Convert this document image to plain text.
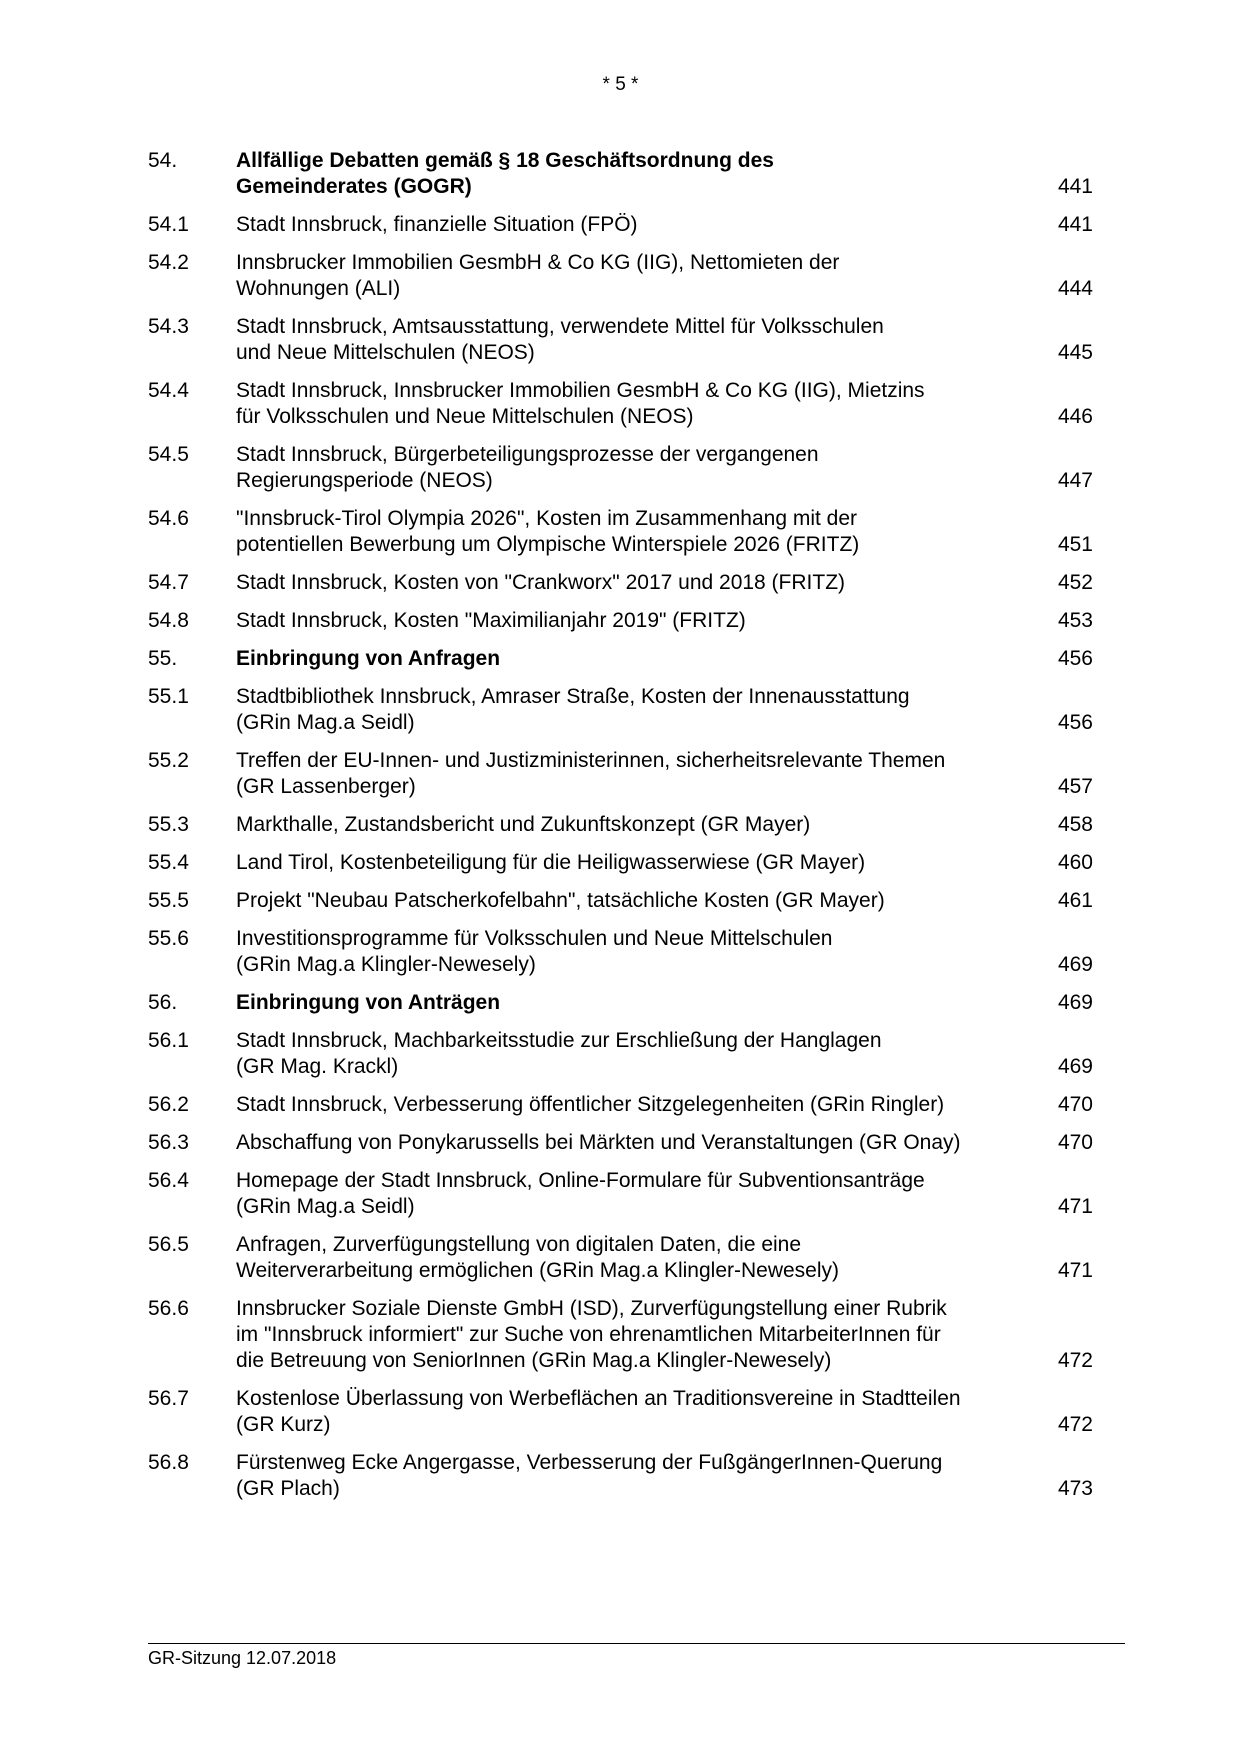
* 5 *
54.	Allfällige Debatten gemäß § 18 Geschäftsordnung des
Gemeinderates (GOGR)	441
54.1	Stadt Innsbruck, finanzielle Situation (FPÖ)	441
54.2	Innsbrucker Immobilien GesmbH & Co KG (IIG), Nettomieten der
Wohnungen (ALI)	444
54.3	Stadt Innsbruck, Amtsausstattung, verwendete Mittel für Volksschulen
und Neue Mittelschulen (NEOS)	445
54.4	Stadt Innsbruck, Innsbrucker Immobilien GesmbH & Co KG (IIG), Mietzins
für Volksschulen und Neue Mittelschulen (NEOS)	446
54.5	Stadt Innsbruck, Bürgerbeteiligungsprozesse der vergangenen
Regierungsperiode (NEOS)	447
54.6	"Innsbruck-Tirol Olympia 2026", Kosten im Zusammenhang mit der
potentiellen Bewerbung um Olympische Winterspiele 2026 (FRITZ)	451
54.7	Stadt Innsbruck, Kosten von "Crankworx" 2017 und 2018 (FRITZ)	452
54.8	Stadt Innsbruck, Kosten "Maximilianjahr 2019" (FRITZ)	453
55.	Einbringung von Anfragen	456
55.1	Stadtbibliothek Innsbruck, Amraser Straße, Kosten der Innenausstattung
(GRin Mag.a Seidl)	456
55.2	Treffen der EU-Innen- und Justizministerinnen, sicherheitsrelevante Themen
(GR Lassenberger)	457
55.3	Markthalle, Zustandsbericht und Zukunftskonzept (GR Mayer)	458
55.4	Land Tirol, Kostenbeteiligung für die Heiligwasserwiese (GR Mayer)	460
55.5	Projekt "Neubau Patscherkofelbahn", tatsächliche Kosten (GR Mayer)	461
55.6	Investitionsprogramme für Volksschulen und Neue Mittelschulen
(GRin Mag.a Klingler-Newesely)	469
56.	Einbringung von Anträgen	469
56.1	Stadt Innsbruck, Machbarkeitsstudie zur Erschließung der Hanglagen
(GR Mag. Krackl)	469
56.2	Stadt Innsbruck, Verbesserung öffentlicher Sitzgelegenheiten (GRin Ringler)	470
56.3	Abschaffung von Ponykarussells bei Märkten und Veranstaltungen (GR Onay)	470
56.4	Homepage der Stadt Innsbruck, Online-Formulare für Subventionsanträge
(GRin Mag.a Seidl)	471
56.5	Anfragen, Zurverfügungstellung von digitalen Daten, die eine
Weiterverarbeitung ermöglichen (GRin Mag.a Klingler-Newesely)	471
56.6	Innsbrucker Soziale Dienste GmbH (ISD), Zurverfügungstellung einer Rubrik
im "Innsbruck informiert" zur Suche von ehrenamtlichen MitarbeiterInnen für
die Betreuung von SeniorInnen (GRin Mag.a Klingler-Newesely)	472
56.7	Kostenlose Überlassung von Werbeflächen an Traditionsvereine in Stadtteilen
(GR Kurz)	472
56.8	Fürstenweg Ecke Angergasse, Verbesserung der FußgängerInnen-Querung
(GR Plach)	473
GR-Sitzung 12.07.2018
